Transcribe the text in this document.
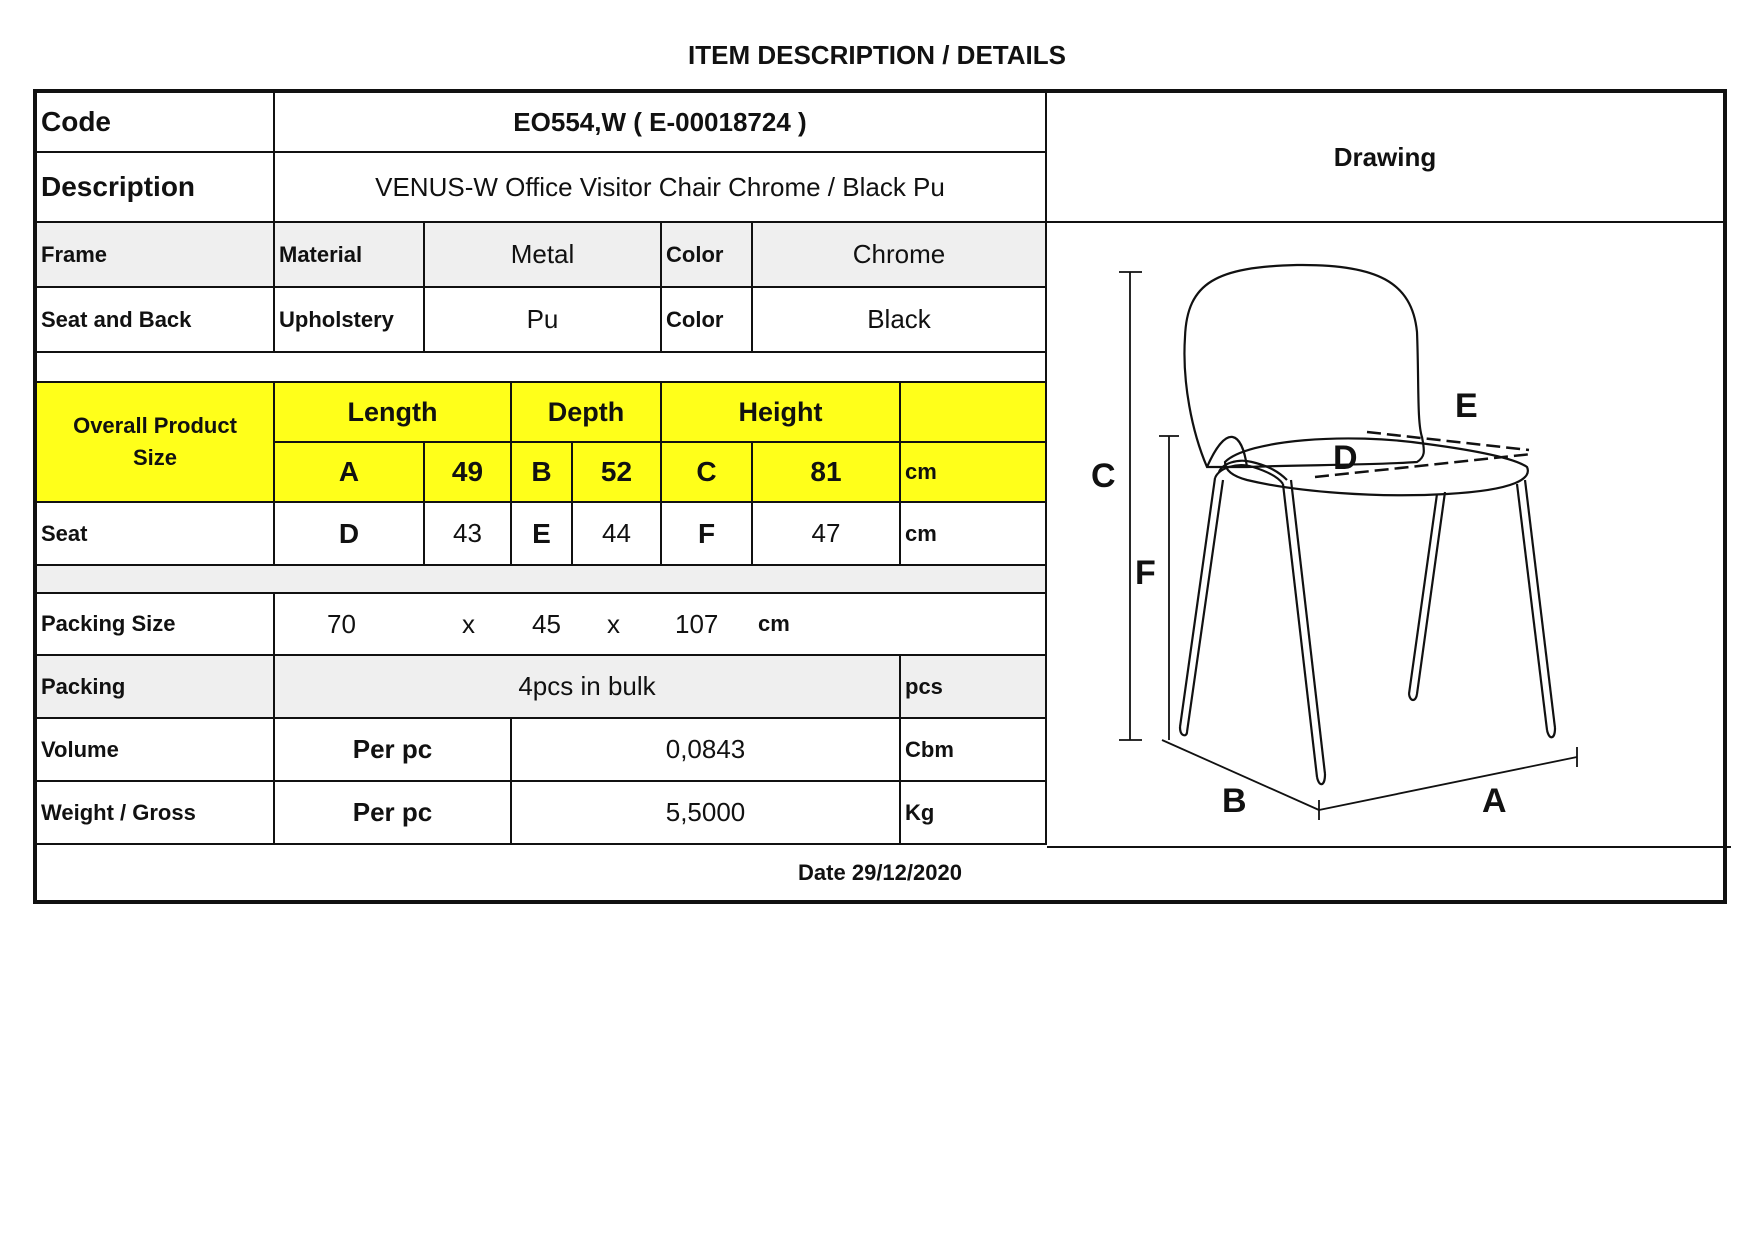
ITEM DESCRIPTION / DETAILS
Code	EO554,W ( E-00018724 )
Description	VENUS-W Office Visitor Chair Chrome / Black Pu
Drawing
Frame	Material	Metal	Color	Chrome
Seat and Back	Upholstery	Pu	Color	Black
Overall Product Size
Length	Depth	Height
A	49	B	52	C	81	cm
Seat	D	43	E	44	F	47	cm
Packing Size	70	x 45 x 107 cm
Packing	4pcs in bulk	pcs
Volume	Per pc	0,0843	Cbm
Weight / Gross	Per pc	5,5000	Kg
C
F
D
E
B	A
Date 29/12/2020
